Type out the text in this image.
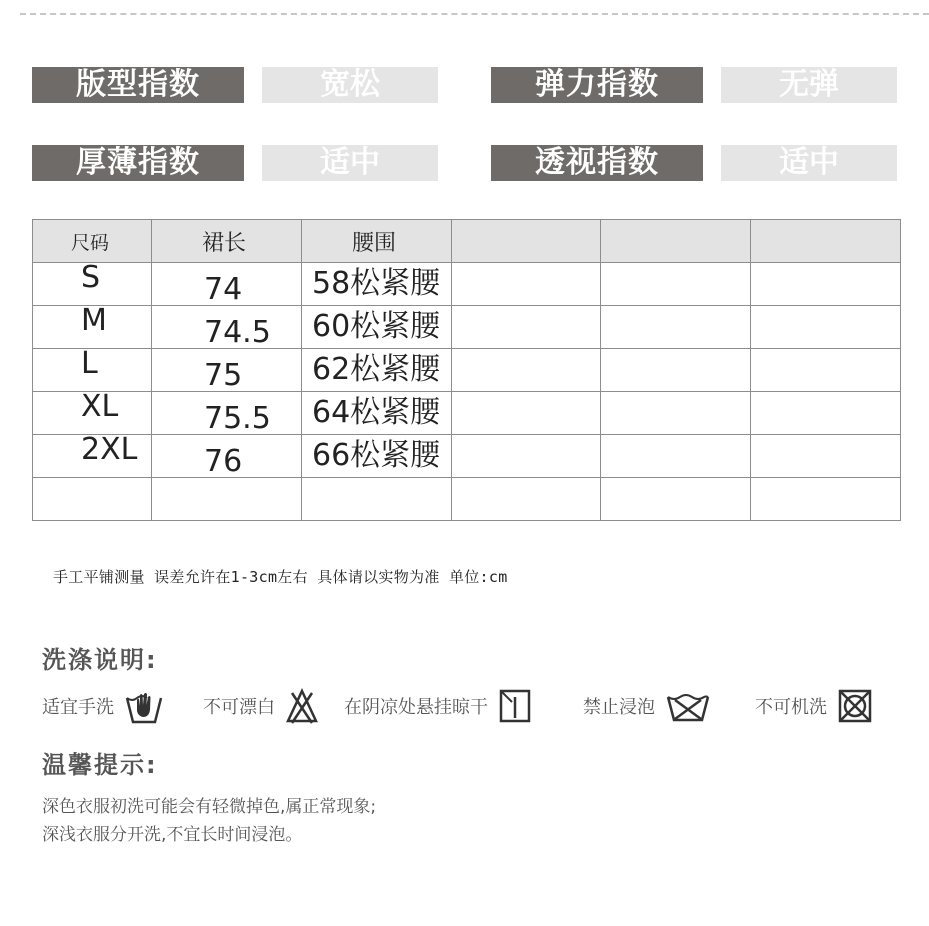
版型指数	宽松	弹力指数	无弹
厚薄指数	适中	透视指数	适中
尺码	裙长	腰围			
S	74	58松紧腰			
M	74.5	60松紧腰			
L	75	62松紧腰			
XL	75.5	64松紧腰			
2XL	76	66松紧腰			

手工平铺测量 误差允许在1-3cm左右 具体请以实物为准 单位:cm
洗涤说明:
适宜手洗	不可漂白	在阴凉处悬挂晾干	禁止浸泡	不可机洗
温馨提示:
深色衣服初洗可能会有轻微掉色,属正常现象;
深浅衣服分开洗,不宜长时间浸泡。
